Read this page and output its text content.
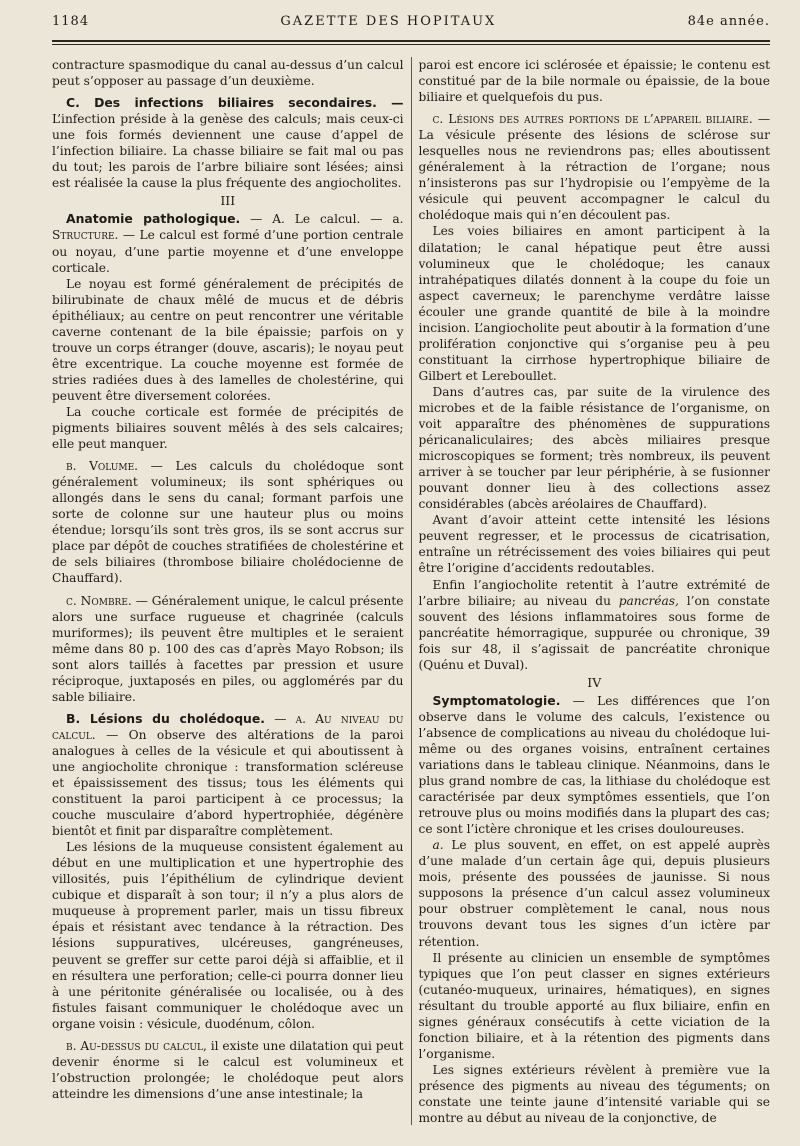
1184	GAZETTE DES HOPITAUX	84e année.

contracture spasmodique du canal au-dessus d’un calcul peut s’opposer au passage d’un deuxième.

C. Des infections biliaires secondaires. — L’infection préside à la genèse des calculs; mais ceux-ci une fois formés deviennent une cause d’appel de l’infection biliaire. La chasse biliaire se fait mal ou pas du tout; les parois de l’arbre biliaire sont lésées; ainsi est réalisée la cause la plus fréquente des angiocholites.

III

Anatomie pathologique. — A. Le calcul. — a. Structure. — Le calcul est formé d’une portion centrale ou noyau, d’une partie moyenne et d’une enveloppe corticale.

Le noyau est formé généralement de précipités de bilirubinate de chaux mêlé de mucus et de débris épithéliaux; au centre on peut rencontrer une véritable caverne contenant de la bile épaissie; parfois on y trouve un corps étranger (douve, ascaris); le noyau peut être excentrique. La couche moyenne est formée de stries radiées dues à des lamelles de cholestérine, qui peuvent être diversement colorées.

La couche corticale est formée de précipités de pigments biliaires souvent mêlés à des sels calcaires; elle peut manquer.

b. Volume. — Les calculs du cholédoque sont généralement volumineux; ils sont sphériques ou allongés dans le sens du canal; formant parfois une sorte de colonne sur une hauteur plus ou moins étendue; lorsqu’ils sont très gros, ils se sont accrus sur place par dépôt de couches stratifiées de cholestérine et de sels biliaires (thrombose biliaire cholédocienne de Chauffard).

c. Nombre. — Généralement unique, le calcul présente alors une surface rugueuse et chagrinée (calculs muriformes); ils peuvent être multiples et le seraient même dans 80 p. 100 des cas d’après Mayo Robson; ils sont alors taillés à facettes par pression et usure réciproque, juxtaposés en piles, ou agglomérés par du sable biliaire.

B. Lésions du cholédoque. — a. Au niveau du calcul. — On observe des altérations de la paroi analogues à celles de la vésicule et qui aboutissent à une angiocholite chronique : transformation scléreuse et épaississement des tissus; tous les éléments qui constituent la paroi participent à ce processus; la couche musculaire d’abord hypertrophiée, dégénère bientôt et finit par disparaître complètement.

Les lésions de la muqueuse consistent également au début en une multiplication et une hypertrophie des villosités, puis l’épithélium de cylindrique devient cubique et disparaît à son tour; il n’y a plus alors de muqueuse à proprement parler, mais un tissu fibreux épais et résistant avec tendance à la rétraction. Des lésions suppuratives, ulcéreuses, gangréneuses, peuvent se greffer sur cette paroi déjà si affaiblie, et il en résultera une perforation; celle-ci pourra donner lieu à une péritonite généralisée ou localisée, ou à des fistules faisant communiquer le cholédoque avec un organe voisin : vésicule, duodénum, côlon.

b. Au-dessus du calcul, il existe une dilatation qui peut devenir énorme si le calcul est volumineux et l’obstruction prolongée; le cholédoque peut alors atteindre les dimensions d’une anse intestinale; la

paroi est encore ici sclérosée et épaissie; le contenu est constitué par de la bile normale ou épaissie, de la boue biliaire et quelquefois du pus.

c. Lésions des autres portions de l’appareil biliaire. — La vésicule présente des lésions de sclérose sur lesquelles nous ne reviendrons pas; elles aboutissent généralement à la rétraction de l’organe; nous n’insisterons pas sur l’hydropisie ou l’empyème de la vésicule qui peuvent accompagner le calcul du cholédoque mais qui n’en découlent pas.

Les voies biliaires en amont participent à la dilatation; le canal hépatique peut être aussi volumineux que le cholédoque; les canaux intrahépatiques dilatés donnent à la coupe du foie un aspect caverneux; le parenchyme verdâtre laisse écouler une grande quantité de bile à la moindre incision. L’angiocholite peut aboutir à la formation d’une prolifération conjonctive qui s’organise peu à peu constituant la cirrhose hypertrophique biliaire de Gilbert et Lereboullet.

Dans d’autres cas, par suite de la virulence des microbes et de la faible résistance de l’organisme, on voit apparaître des phénomènes de suppurations péricanaliculaires; des abcès miliaires presque microscopiques se forment; très nombreux, ils peuvent arriver à se toucher par leur périphérie, à se fusionner pouvant donner lieu à des collections assez considérables (abcès aréolaires de Chauffard).

Avant d’avoir atteint cette intensité les lésions peuvent regresser, et le processus de cicatrisation, entraîne un rétrécissement des voies biliaires qui peut être l’origine d’accidents redoutables.

Enfin l’angiocholite retentit à l’autre extrémité de l’arbre biliaire; au niveau du pancréas, l’on constate souvent des lésions inflammatoires sous forme de pancréatite hémorragique, suppurée ou chronique, 39 fois sur 48, il s’agissait de pancréatite chronique (Quénu et Duval).

IV

Symptomatologie. — Les différences que l’on observe dans le volume des calculs, l’existence ou l’absence de complications au niveau du cholédoque lui-même ou des organes voisins, entraînent certaines variations dans le tableau clinique. Néanmoins, dans le plus grand nombre de cas, la lithiase du cholédoque est caractérisée par deux symptômes essentiels, que l’on retrouve plus ou moins modifiés dans la plupart des cas; ce sont l’ictère chronique et les crises douloureuses.

a. Le plus souvent, en effet, on est appelé auprès d’une malade d’un certain âge qui, depuis plusieurs mois, présente des poussées de jaunisse. Si nous supposons la présence d’un calcul assez volumineux pour obstruer complètement le canal, nous nous trouvons devant tous les signes d’un ictère par rétention.

Il présente au clinicien un ensemble de symptômes typiques que l’on peut classer en signes extérieurs (cutanéo-muqueux, urinaires, hématiques), en signes résultant du trouble apporté au flux biliaire, enfin en signes généraux consécutifs à cette viciation de la fonction biliaire, et à la rétention des pigments dans l’organisme.

Les signes extérieurs révèlent à première vue la présence des pigments au niveau des téguments; on constate une teinte jaune d’intensité variable qui se montre au début au niveau de la conjonctive, de
